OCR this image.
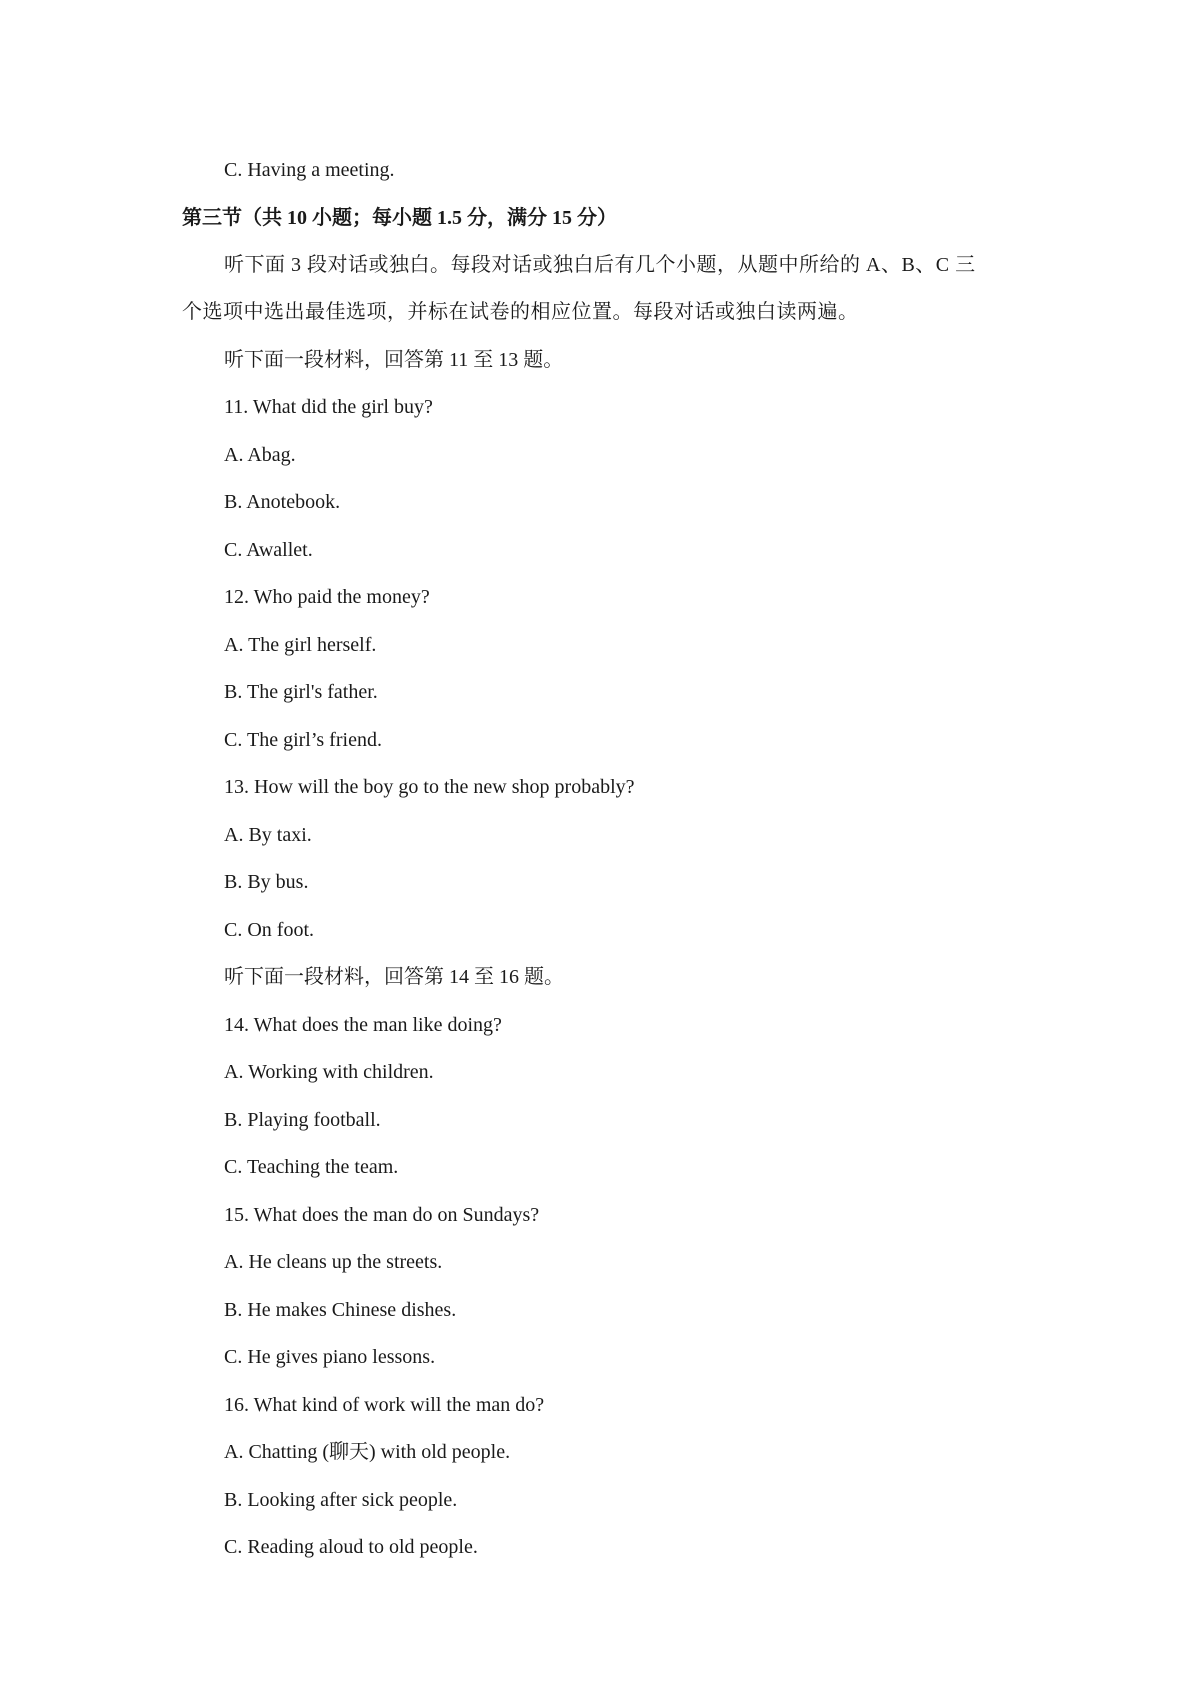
C. Having a meeting.
第三节（共 10 小题；每小题 1.5 分，满分 15 分）
听下面 3 段对话或独白。每段对话或独白后有几个小题，从题中所给的 A、B、C 三
个选项中选出最佳选项，并标在试卷的相应位置。每段对话或独白读两遍。
听下面一段材料，回答第 11 至 13 题。
11. What did the girl buy?
A. Abag.
B. Anotebook.
C. Awallet.
12. Who paid the money?
A. The girl herself.
B. The girl's father.
C. The girl’s friend.
13. How will the boy go to the new shop probably?
A. By taxi.
B. By bus.
C. On foot.
听下面一段材料，回答第 14 至 16 题。
14. What does the man like doing?
A. Working with children.
B. Playing football.
C. Teaching the team.
15. What does the man do on Sundays?
A. He cleans up the streets.
B. He makes Chinese dishes.
C. He gives piano lessons.
16. What kind of work will the man do?
A. Chatting (聊天) with old people.
B. Looking after sick people.
C. Reading aloud to old people.
